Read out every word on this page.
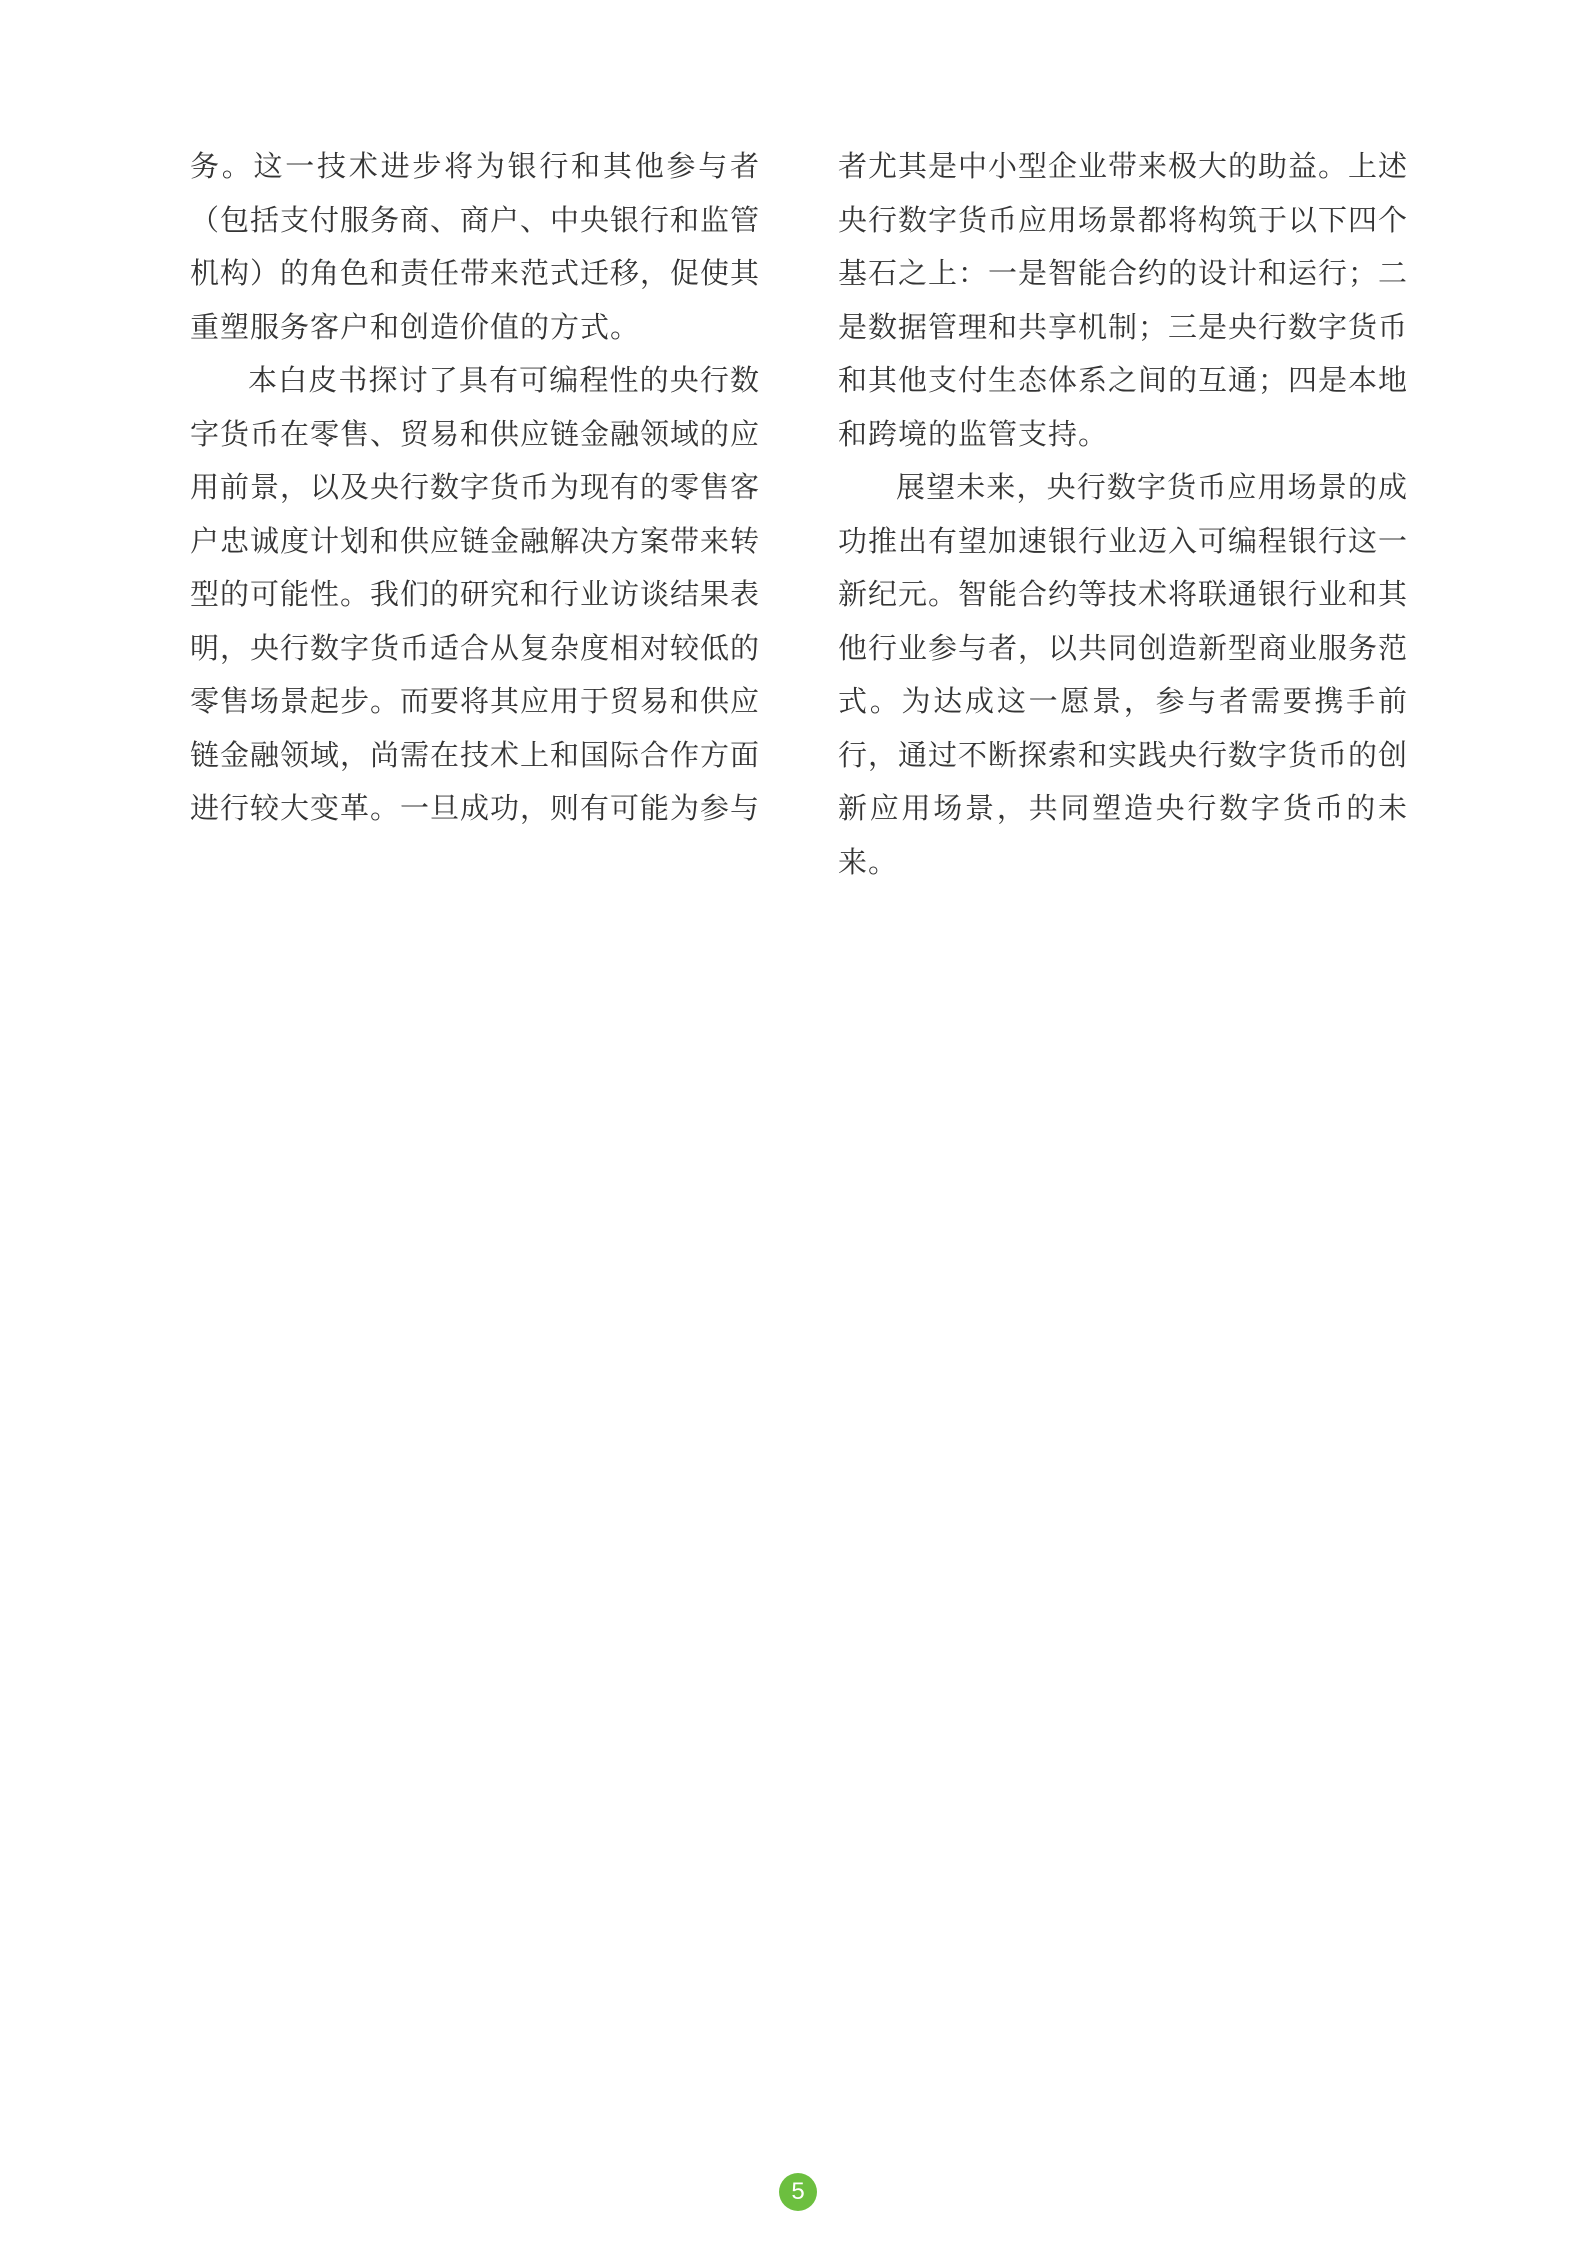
务。这一技术进步将为银行和其他参与者（包括支付服务商、商户、中央银行和监管机构）的角色和责任带来范式迁移，促使其重塑服务客户和创造价值的方式。

本白皮书探讨了具有可编程性的央行数字货币在零售、贸易和供应链金融领域的应用前景，以及央行数字货币为现有的零售客户忠诚度计划和供应链金融解决方案带来转型的可能性。我们的研究和行业访谈结果表明，央行数字货币适合从复杂度相对较低的零售场景起步。而要将其应用于贸易和供应链金融领域，尚需在技术上和国际合作方面进行较大变革。一旦成功，则有可能为参与

者尤其是中小型企业带来极大的助益。上述央行数字货币应用场景都将构筑于以下四个基石之上：一是智能合约的设计和运行；二是数据管理和共享机制；三是央行数字货币和其他支付生态体系之间的互通；四是本地和跨境的监管支持。

展望未来，央行数字货币应用场景的成功推出有望加速银行业迈入可编程银行这一新纪元。智能合约等技术将联通银行业和其他行业参与者，以共同创造新型商业服务范式。为达成这一愿景，参与者需要携手前行，通过不断探索和实践央行数字货币的创新应用场景，共同塑造央行数字货币的未来。

5
